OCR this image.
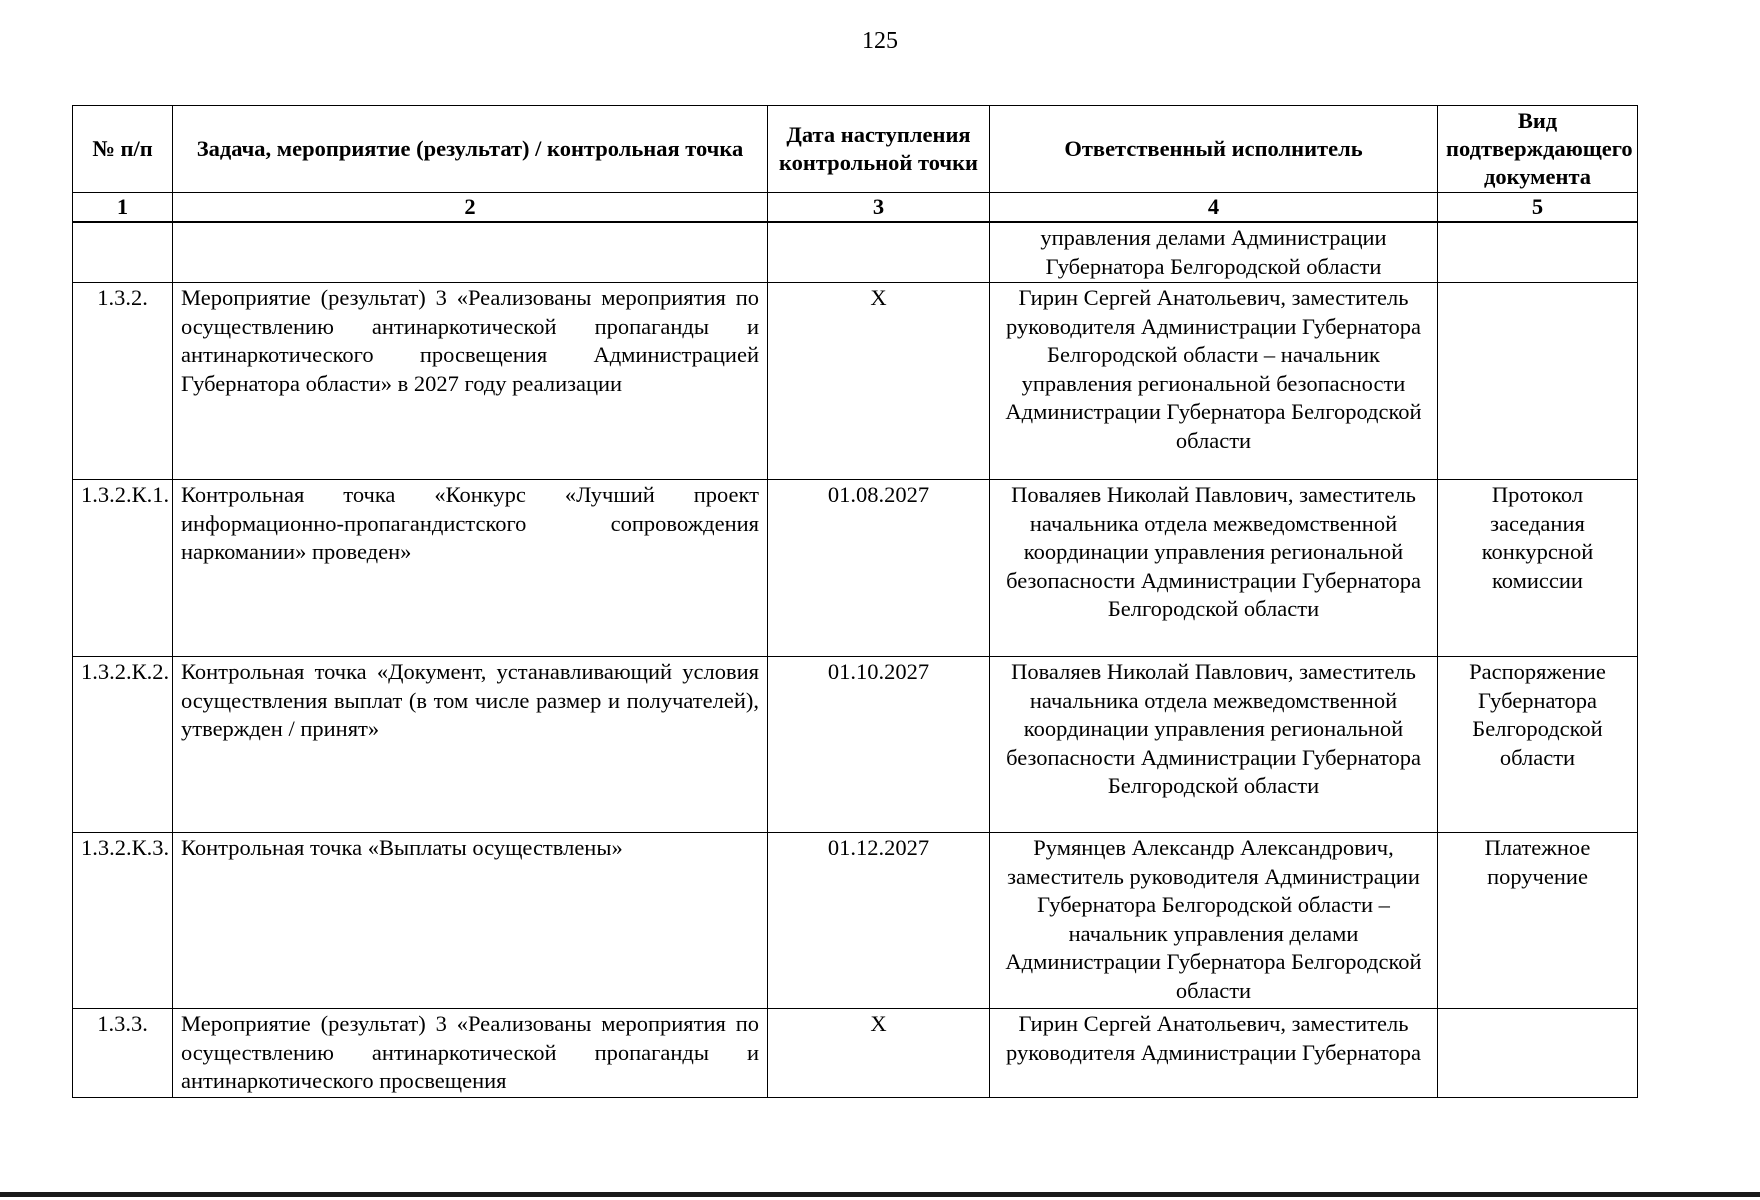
125
№ п/п	Задача, мероприятие (результат) / контрольная точка	Дата наступления контрольной точки	Ответственный исполнитель	Вид подтверждающего документа
1	2	3	4	5
			управления делами Администрации Губернатора Белгородской области	
1.3.2.	Мероприятие (результат) 3 «Реализованы мероприятия по осуществлению антинаркотической пропаганды и антинаркотического просвещения Администрацией Губернатора области» в 2027 году реализации	X	Гирин Сергей Анатольевич, заместитель руководителя Администрации Губернатора Белгородской области – начальник управления региональной безопасности Администрации Губернатора Белгородской области	
1.3.2.К.1.	Контрольная точка «Конкурс «Лучший проект информационно-пропагандистского сопровождения наркомании» проведен»	01.08.2027	Поваляев Николай Павлович, заместитель начальника отдела межведомственной координации управления региональной безопасности Администрации Губернатора Белгородской области	Протокол заседания конкурсной комиссии
1.3.2.К.2.	Контрольная точка «Документ, устанавливающий условия осуществления выплат (в том числе размер и получателей), утвержден / принят»	01.10.2027	Поваляев Николай Павлович, заместитель начальника отдела межведомственной координации управления региональной безопасности Администрации Губернатора Белгородской области	Распоряжение Губернатора Белгородской области
1.3.2.К.3.	Контрольная точка «Выплаты осуществлены»	01.12.2027	Румянцев Александр Александрович, заместитель руководителя Администрации Губернатора Белгородской области – начальник управления делами Администрации Губернатора Белгородской области	Платежное поручение
1.3.3.	Мероприятие (результат) 3 «Реализованы мероприятия по осуществлению антинаркотической пропаганды и антинаркотического просвещения	X	Гирин Сергей Анатольевич, заместитель руководителя Администрации Губернатора	
